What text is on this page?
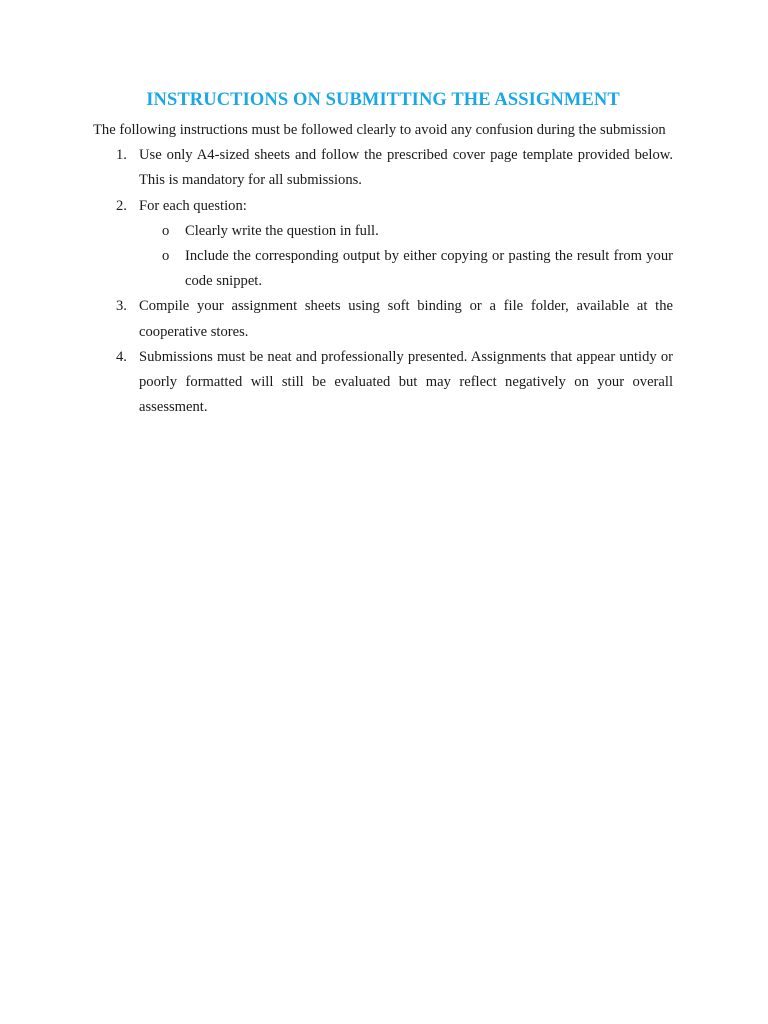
INSTRUCTIONS ON SUBMITTING THE ASSIGNMENT

The following instructions must be followed clearly to avoid any confusion during the submission

1. Use only A4-sized sheets and follow the prescribed cover page template provided below. This is mandatory for all submissions.
2. For each question:
o Clearly write the question in full.
o Include the corresponding output by either copying or pasting the result from your code snippet.
3. Compile your assignment sheets using soft binding or a file folder, available at the cooperative stores.
4. Submissions must be neat and professionally presented. Assignments that appear untidy or poorly formatted will still be evaluated but may reflect negatively on your overall assessment.
